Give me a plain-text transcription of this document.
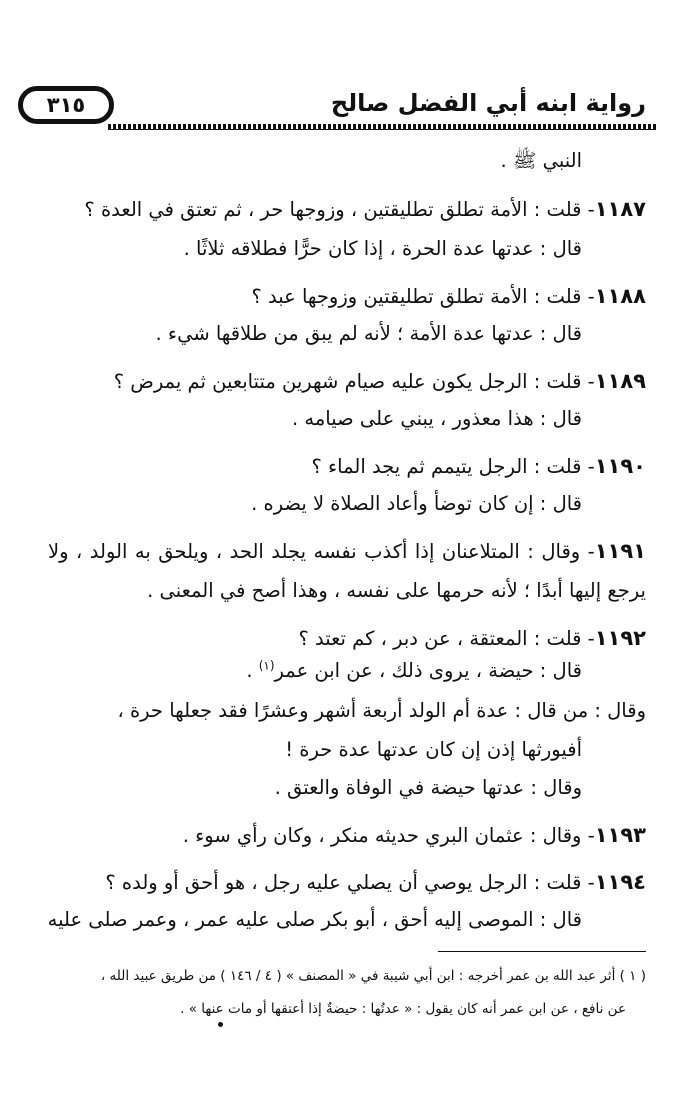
رواية ابنه أبي الفضل صالح
٣١٥
النبي ﷺ .
١١٨٧- قلت : الأمة تطلق تطليقتين ، وزوجها حر ، ثم تعتق في العدة ؟
قال : عدتها عدة الحرة ، إذا كان حرًّا فطلاقه ثلاثًا .
١١٨٨- قلت : الأمة تطلق تطليقتين وزوجها عبد ؟
قال : عدتها عدة الأمة ؛ لأنه لم يبق من طلاقها شيء .
١١٨٩- قلت : الرجل يكون عليه صيام شهرين متتابعين ثم يمرض ؟
قال : هذا معذور ، يبني على صيامه .
١١٩٠- قلت : الرجل يتيمم ثم يجد الماء ؟
قال : إن كان توضأ وأعاد الصلاة لا يضره .
١١٩١- وقال : المتلاعنان إذا أكذب نفسه يجلد الحد ، ويلحق به الولد ، ولا
يرجع إليها أبدًا ؛ لأنه حرمها على نفسه ، وهذا أصح في المعنى .
١١٩٢- قلت : المعتقة ، عن دبر ، كم تعتد ؟
قال : حيضة ، يروى ذلك ، عن ابن عمر$^{(١)}$ .
وقال : من قال : عدة أم الولد أربعة أشهر وعشرًا فقد جعلها حرة ،
أفيورثها إذن إن كان عدتها عدة حرة !
وقال : عدتها حيضة في الوفاة والعتق .
١١٩٣- وقال : عثمان البري حديثه منكر ، وكان رأي سوء .
١١٩٤- قلت : الرجل يوصي أن يصلي عليه رجل ، هو أحق أو ولده ؟
قال : الموصى إليه أحق ، أبو بكر صلى عليه عمر ، وعمر صلى عليه
( ١ ) أثر عبد الله بن عمر أخرجه : ابن أبي شيبة في « المصنف » ( ٤ / ١٤٦ ) من طريق عبيد الله ،
عن نافع ، عن ابن عمر أنه كان يقول : « عدتُها : حيضةٌ إذا أعتقها أو مات عنها » .
